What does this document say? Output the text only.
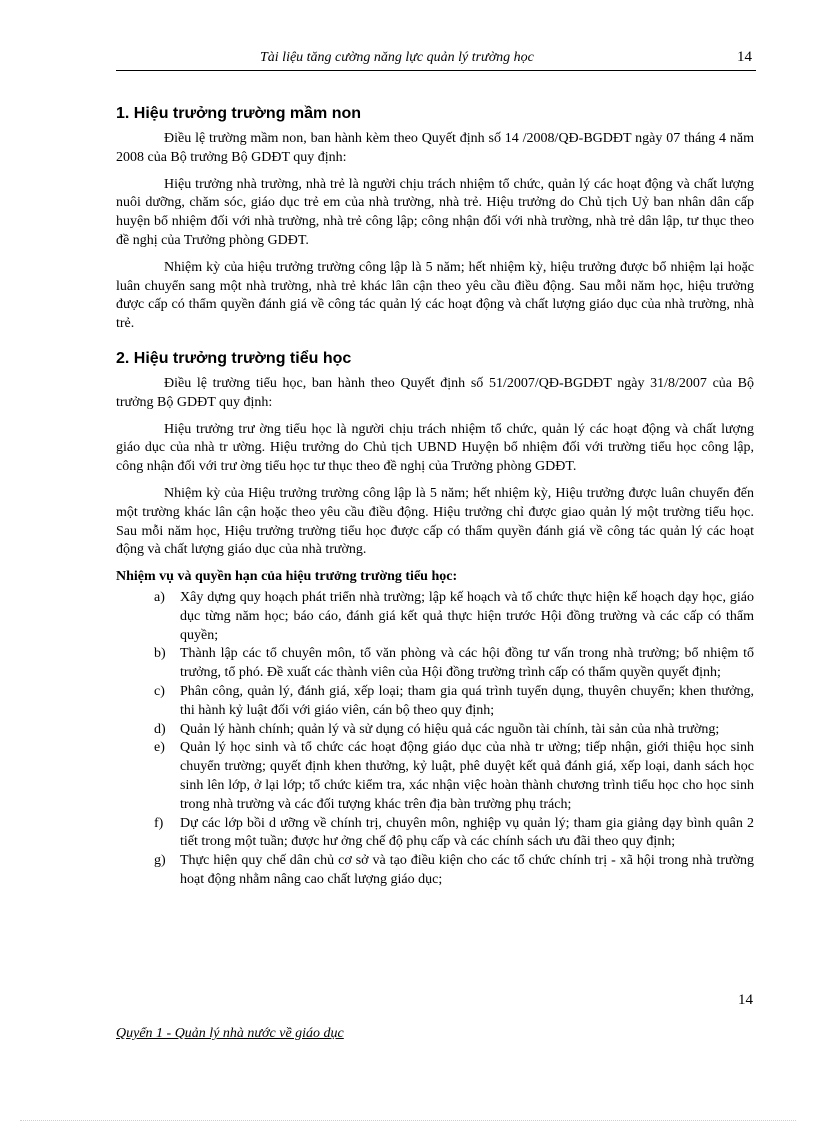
Tài liệu tăng cường năng lực quản lý trường học	14
1. Hiệu trưởng trường mầm non

Điều lệ trường mầm non, ban hành kèm theo Quyết định số 14 /2008/QĐ-BGDĐT ngày 07 tháng 4 năm 2008 của Bộ trưởng Bộ GDĐT quy định:

Hiệu trưởng nhà trường, nhà trẻ là người chịu trách nhiệm tổ chức, quản lý các hoạt động và chất lượng nuôi dưỡng, chăm sóc, giáo dục trẻ em của nhà trường, nhà trẻ. Hiệu trưởng do Chủ tịch Uỷ ban nhân dân cấp huyện bổ nhiệm đối với nhà trường, nhà trẻ công lập; công nhận đối với nhà trường, nhà trẻ dân lập, tư thục theo đề nghị của Trưởng phòng GDĐT.

Nhiệm kỳ của hiệu trưởng trường công lập là 5 năm; hết nhiệm kỳ, hiệu trưởng được bổ nhiệm lại hoặc luân chuyển sang một nhà trường, nhà trẻ khác lân cận theo yêu cầu điều động. Sau mỗi năm học, hiệu trưởng được cấp có thẩm quyền đánh giá về công tác quản lý các hoạt động và chất lượng giáo dục của nhà trường, nhà trẻ.

2. Hiệu trưởng trường tiểu học

Điều lệ trường tiểu học, ban hành theo Quyết định số 51/2007/QĐ-BGDĐT ngày 31/8/2007 của Bộ trưởng Bộ GDĐT quy định:

Hiệu trưởng trư ờng tiểu học là người chịu trách nhiệm tổ chức, quản lý các hoạt động và chất lượng giáo dục của nhà tr ường. Hiệu trưởng do Chủ tịch UBND Huyện bổ nhiệm đối với trường tiểu học công lập, công nhận đối với trư ờng tiểu học tư thục theo đề nghị của Trưởng phòng GDĐT.

Nhiệm kỳ của Hiệu trưởng trường công lập là 5 năm; hết nhiệm kỳ, Hiệu trưởng được luân chuyển đến một trường khác lân cận hoặc theo yêu cầu điều động. Hiệu trưởng chỉ được giao quản lý một trường tiểu học. Sau mỗi năm học, Hiệu trưởng trường tiểu học được cấp có thẩm quyền đánh giá về công tác quản lý các hoạt động và chất lượng giáo dục của nhà trường.

Nhiệm vụ và quyền hạn của hiệu trưởng trường tiểu học:
a) Xây dựng quy hoạch phát triển nhà trường; lập kế hoạch và tổ chức thực hiện kế hoạch dạy học, giáo dục từng năm học; báo cáo, đánh giá kết quả thực hiện trước Hội đồng trường và các cấp có thẩm quyền;
b) Thành lập các tổ chuyên môn, tổ văn phòng và các hội đồng tư vấn trong nhà trường; bổ nhiệm tổ trưởng, tổ phó. Đề xuất các thành viên của Hội đồng trường trình cấp có thẩm quyền quyết định;
c) Phân công, quản lý, đánh giá, xếp loại; tham gia quá trình tuyển dụng, thuyên chuyển; khen thưởng, thi hành kỷ luật đối với giáo viên, cán bộ theo quy định;
d) Quản lý hành chính; quản lý và sử dụng có hiệu quả các nguồn tài chính, tài sản của nhà trường;
e) Quản lý học sinh và tổ chức các hoạt động giáo dục của nhà tr ường; tiếp nhận, giới thiệu học sinh chuyển trường; quyết định khen thưởng, kỷ luật, phê duyệt kết quả đánh giá, xếp loại, danh sách học sinh lên lớp, ở lại lớp; tổ chức kiểm tra, xác nhận việc hoàn thành chương trình tiểu học cho học sinh trong nhà trường và các đối tượng khác trên địa bàn trường phụ trách;
f) Dự các lớp bồi d ưỡng về chính trị, chuyên môn, nghiệp vụ quản lý; tham gia giảng dạy bình quân 2 tiết trong một tuần; được hư ởng chế độ phụ cấp và các chính sách ưu đãi theo quy định;
g) Thực hiện quy chế dân chủ cơ sở và tạo điều kiện cho các tổ chức chính trị - xã hội trong nhà trường hoạt động nhằm nâng cao chất lượng giáo dục;
14
Quyển 1 - Quản lý nhà nước về giáo dục
